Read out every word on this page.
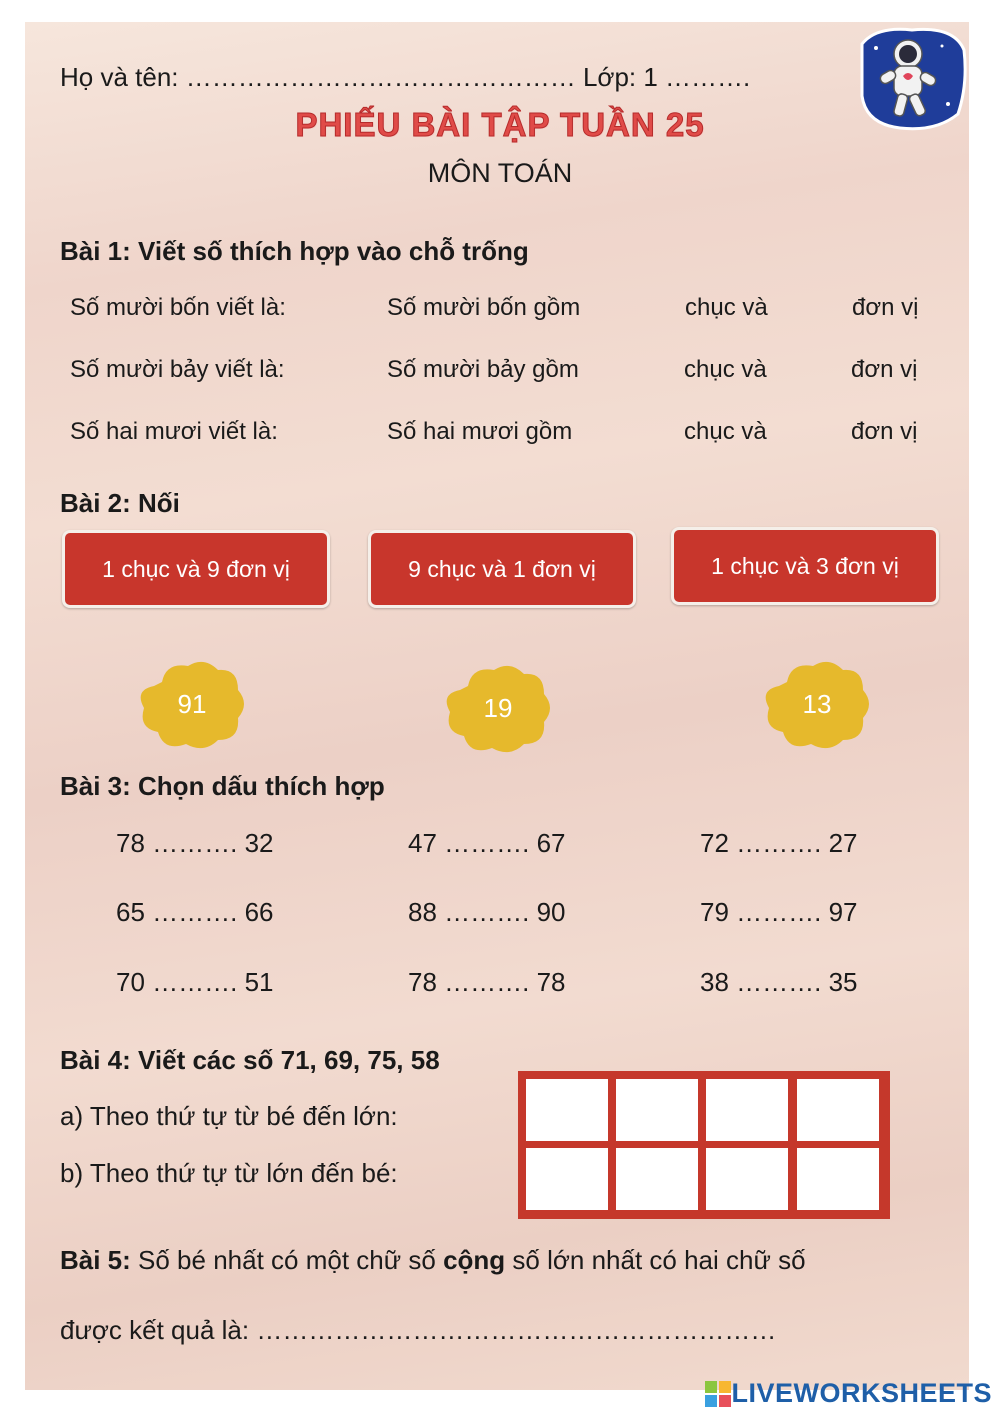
Họ và tên: ……………………………………… Lớp: 1 ……….
PHIẾU BÀI TẬP TUẦN 25
MÔN TOÁN
Bài 1: Viết số thích hợp vào chỗ trống
Số mười bốn viết là:	Số mười bốn gồm	chục và	đơn vị
Số mười bảy viết là:	Số mười bảy gồm	chục và	đơn vị
Số hai mươi viết là:	Số hai mươi gồm	chục và	đơn vị
Bài 2: Nối
1 chục và 9 đơn vị	9 chục và 1 đơn vị	1 chục và 3 đơn vị
91	19	13
Bài 3: Chọn dấu thích hợp
78 ………. 32	47 ………. 67	72 ………. 27
65 ………. 66	88 ………. 90	79 ………. 97
70 ………. 51	78 ………. 78	38 ………. 35
Bài 4: Viết các số 71, 69, 75, 58
a) Theo thứ tự từ bé đến lớn:
b) Theo thứ tự từ lớn đến bé:
Bài 5: Số bé nhất có một chữ số cộng số lớn nhất có hai chữ số
được kết quả là: ……………………………………………………
LIVEWORKSHEETS
